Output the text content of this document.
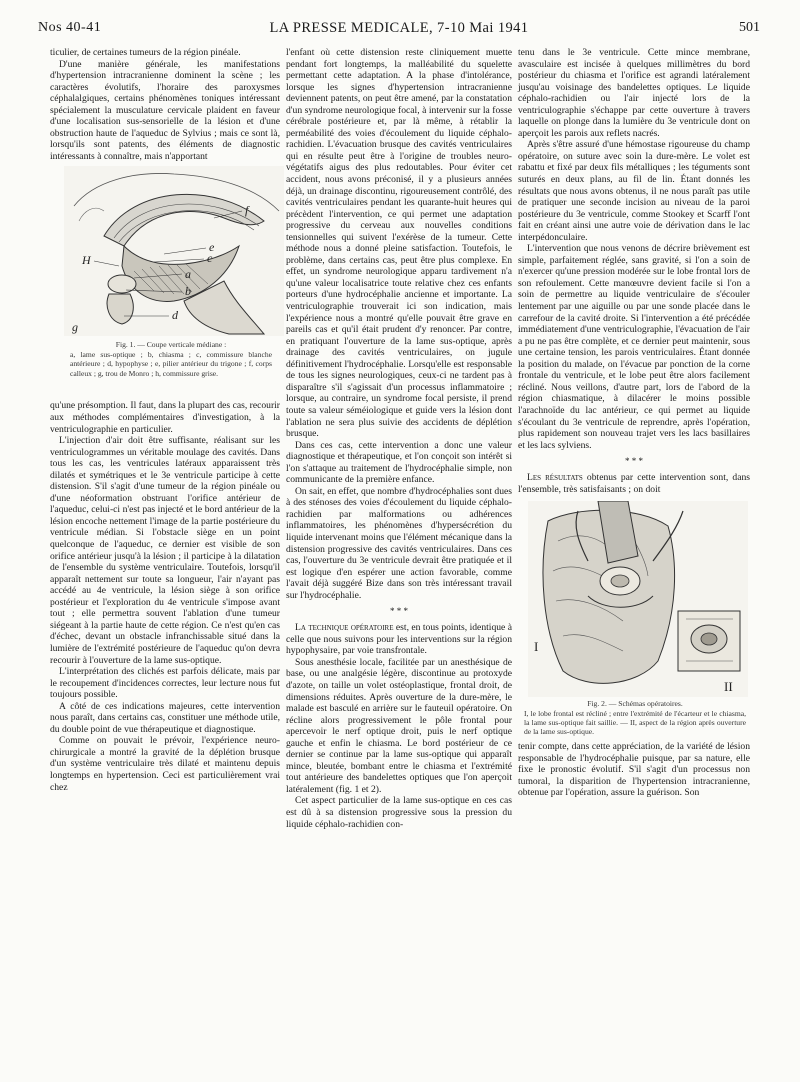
Nos 40-41	LA PRESSE MEDICALE, 7-10 Mai 1941	501

ticulier, de certaines tumeurs de la région pinéale.

D'une manière générale, les manifestations d'hypertension intracranienne dominent la scène ; les caractères évolutifs, l'horaire des paroxysmes céphalalgiques, certains phénomènes toniques intéressant spécialement la musculature cervicale plaident en faveur d'une localisation sus-sensorielle de la lésion et d'une obstruction haute de l'aqueduc de Sylvius ; mais ce sont là, lorsqu'ils sont patents, des éléments de diagnostic intéressants à connaître, mais n'apportant

f
e
c
a
b
d
H
g
Fig. 1. — Coupe verticale médiane :
a, lame sus-optique ; b, chiasma ; c, commissure blanche antérieure ; d, hypophyse ; e, pilier antérieur du trigone ; f, corps calleux ; g, trou de Monro ; h, commissure grise.

qu'une présomption. Il faut, dans la plupart des cas, recourir aux méthodes complémentaires d'investigation, à la ventriculographie en particulier.

L'injection d'air doit être suffisante, réalisant sur les ventriculogrammes un véritable moulage des cavités. Dans tous les cas, les ventricules latéraux apparaissent très dilatés et symétriques et le 3e ventricule participe à cette distension. S'il s'agit d'une tumeur de la région pinéale ou d'une néoformation obstruant l'orifice antérieur de l'aqueduc, celui-ci n'est pas injecté et le bord antérieur de la lésion encoche nettement l'image de la partie postérieure du ventricule médian. Si l'obstacle siège en un point quelconque de l'aqueduc, ce dernier est visible de son orifice antérieur jusqu'à la lésion ; il participe à la dilatation de l'ensemble du système ventriculaire. Toutefois, lorsqu'il apparaît nettement sur toute sa longueur, l'air n'ayant pas accédé au 4e ventricule, la lésion siège à son orifice postérieur et l'exploration du 4e ventricule s'impose avant tout ; elle permettra souvent l'ablation d'une tumeur siégeant à la partie haute de cette région. Ce n'est qu'en cas d'échec, devant un obstacle infranchissable situé dans la lumière de l'extrémité postérieure de l'aqueduc qu'on devra recourir à l'ouverture de la lame sus-optique.

L'interprétation des clichés est parfois délicate, mais par le recoupement d'incidences correctes, leur lecture nous fut toujours possible.

A côté de ces indications majeures, cette intervention nous paraît, dans certains cas, constituer une méthode utile, du double point de vue thérapeutique et diagnostique.

Comme on pouvait le prévoir, l'expérience neuro-chirurgicale a montré la gravité de la déplétion brusque d'un système ventriculaire très dilaté et maintenu depuis longtemps en hypertension. Ceci est particulièrement vrai chez

l'enfant où cette distension reste cliniquement muette pendant fort longtemps, la malléabilité du squelette permettant cette adaptation. A la phase d'intolérance, lorsque les signes d'hypertension intracranienne deviennent patents, on peut être amené, par la constatation d'un syndrome neurologique focal, à intervenir sur la fosse cérébrale postérieure et, par là même, à rétablir la perméabilité des voies d'écoulement du liquide céphalo-rachidien. L'évacuation brusque des cavités ventriculaires qui en résulte peut être à l'origine de troubles neuro-végétatifs aigus des plus redoutables. Pour éviter cet accident, nous avons préconisé, il y a plusieurs années déjà, un drainage discontinu, rigoureusement contrôlé, des cavités ventriculaires pendant les quarante-huit heures qui précèdent l'intervention, ce qui permet une adaptation progressive du cerveau aux nouvelles conditions tensionnelles qui suivent l'exérèse de la tumeur. Cette méthode nous a donné pleine satisfaction. Toutefois, le problème, dans certains cas, peut être plus complexe. En effet, un syndrome neurologique apparu tardivement n'a qu'une valeur localisatrice toute relative chez ces enfants porteurs d'une hydrocéphalie ancienne et importante. La ventriculographie trouverait ici son indication, mais l'expérience nous a montré qu'elle pouvait être grave en pareils cas et qu'il était prudent d'y renoncer. Par contre, en pratiquant l'ouverture de la lame sus-optique, après drainage des cavités ventriculaires, on jugule définitivement l'hydrocéphalie. Lorsqu'elle est responsable de tous les signes neurologiques, ceux-ci ne tardent pas à disparaître s'il s'agissait d'un processus inflammatoire ; lorsque, au contraire, un syndrome focal persiste, il prend toute sa valeur séméiologique et guide vers la lésion dont l'ablation ne sera plus suivie des accidents de déplétion brusque.

Dans ces cas, cette intervention a donc une valeur diagnostique et thérapeutique, et l'on conçoit son intérêt si l'on s'attaque au traitement de l'hydrocéphalie simple, non communicante de la première enfance.

On sait, en effet, que nombre d'hydrocéphalies sont dues à des sténoses des voies d'écoulement du liquide céphalo-rachidien par malformations ou adhérences inflammatoires, les phénomènes d'hypersécrétion du liquide intervenant moins que l'élément mécanique dans la distension progressive des cavités ventriculaires. Dans ces cas, l'ouverture du 3e ventricule devrait être pratiquée et il est logique d'en espérer une action favorable, comme l'avait déjà suggéré Bize dans son très intéressant travail sur l'hydrocéphalie.

* * *

La technique opératoire est, en tous points, identique à celle que nous suivons pour les interventions sur la région hypophysaire, par voie transfrontale.

Sous anesthésie locale, facilitée par un anesthésique de base, ou une analgésie légère, discontinue au protoxyde d'azote, on taille un volet ostéoplastique, frontal droit, de dimensions réduites. Après ouverture de la dure-mère, le malade est basculé en arrière sur le fauteuil opératoire. On récline alors progressivement le pôle frontal pour apercevoir le nerf optique droit, puis le nerf optique gauche et enfin le chiasma. Le bord postérieur de ce dernier se continue par la lame sus-optique qui apparaît mince, bleutée, bombant entre le chiasma et l'extrémité tout antérieure des bandelettes optiques que l'on aperçoit latéralement (fig. 1 et 2).

Cet aspect particulier de la lame sus-optique en ces cas est dû à sa distension progressive sous la pression du liquide céphalo-rachidien con-

tenu dans le 3e ventricule. Cette mince membrane, avasculaire est incisée à quelques millimètres du bord postérieur du chiasma et l'orifice est agrandi latéralement jusqu'au voisinage des bandelettes optiques. Le liquide céphalo-rachidien ou l'air injecté lors de la ventriculographie s'échappe par cette ouverture à travers laquelle on plonge dans la lumière du 3e ventricule dont on aperçoit les parois aux reflets nacrés.

Après s'être assuré d'une hémostase rigoureuse du champ opératoire, on suture avec soin la dure-mère. Le volet est rabattu et fixé par deux fils métalliques ; les téguments sont suturés en deux plans, au fil de lin. Étant donnés les résultats que nous avons obtenus, il ne nous paraît pas utile de pratiquer une seconde incision au niveau de la paroi postérieure du 3e ventricule, comme Stookey et Scarff l'ont fait en créant ainsi une autre voie de dérivation dans le lac interpédonculaire.

L'intervention que nous venons de décrire brièvement est simple, parfaitement réglée, sans gravité, si l'on a soin de n'exercer qu'une pression modérée sur le lobe frontal lors de son refoulement. Cette manœuvre devient facile si l'on a soin de permettre au liquide ventriculaire de s'écouler lentement par une aiguille ou par une sonde placée dans le carrefour de la cavité droite. Si l'intervention a été précédée immédiatement d'une ventriculographie, l'évacuation de l'air a pu ne pas être complète, et ce dernier peut maintenir, sous une certaine tension, les parois ventriculaires. Étant donnée la position du malade, on l'évacue par ponction de la corne frontale du ventricule, et le lobe peut être alors facilement récliné. Nous veillons, d'autre part, lors de l'abord de la région chiasmatique, à dilacérer le moins possible l'arachnoïde du lac antérieur, ce qui permet au liquide s'écoulant du 3e ventricule de reprendre, après l'opération, plus rapidement son nouveau trajet vers les lacs basillaires et les lacs sylviens.

* * *

Les résultats obtenus par cette intervention sont, dans l'ensemble, très satisfaisants ; on doit

I
II
Fig. 2. — Schémas opératoires.
I, le lobe frontal est récliné ; entre l'extrémité de l'écarteur et le chiasma, la lame sus-optique fait saillie. — II, aspect de la région après ouverture de la lame sus-optique.

tenir compte, dans cette appréciation, de la variété de lésion responsable de l'hydrocéphalie puisque, par sa nature, elle fixe le pronostic évolutif. S'il s'agit d'un processus non tumoral, la disparition de l'hypertension intracranienne, obtenue par l'opération, assure la guérison. Son
